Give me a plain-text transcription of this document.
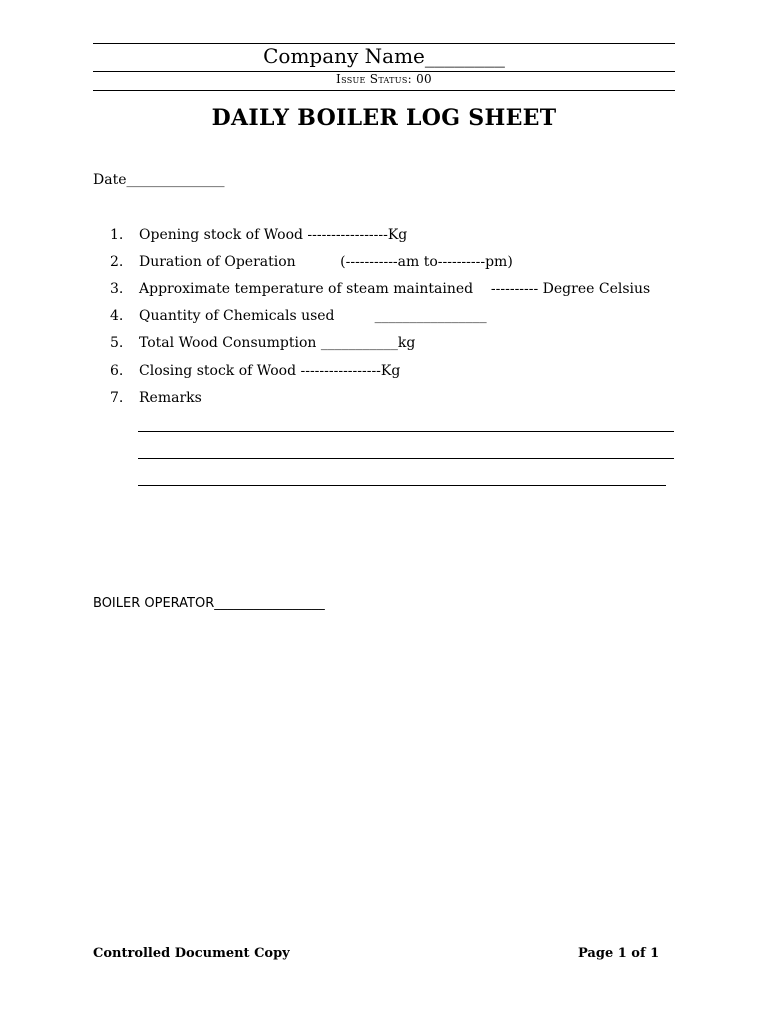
Company Name________
Issue Status: 00
DAILY BOILER LOG SHEET
Date______________
1. Opening stock of Wood -----------------Kg
2. Duration of Operation          (-----------am to----------pm)
3. Approximate temperature of steam maintained    ---------- Degree Celsius
4. Quantity of Chemicals used         ________________
5. Total Wood Consumption ___________kg
6. Closing stock of Wood -----------------Kg
7. Remarks
BOILER OPERATOR_________________
Controlled Document Copy	Page 1 of 1
